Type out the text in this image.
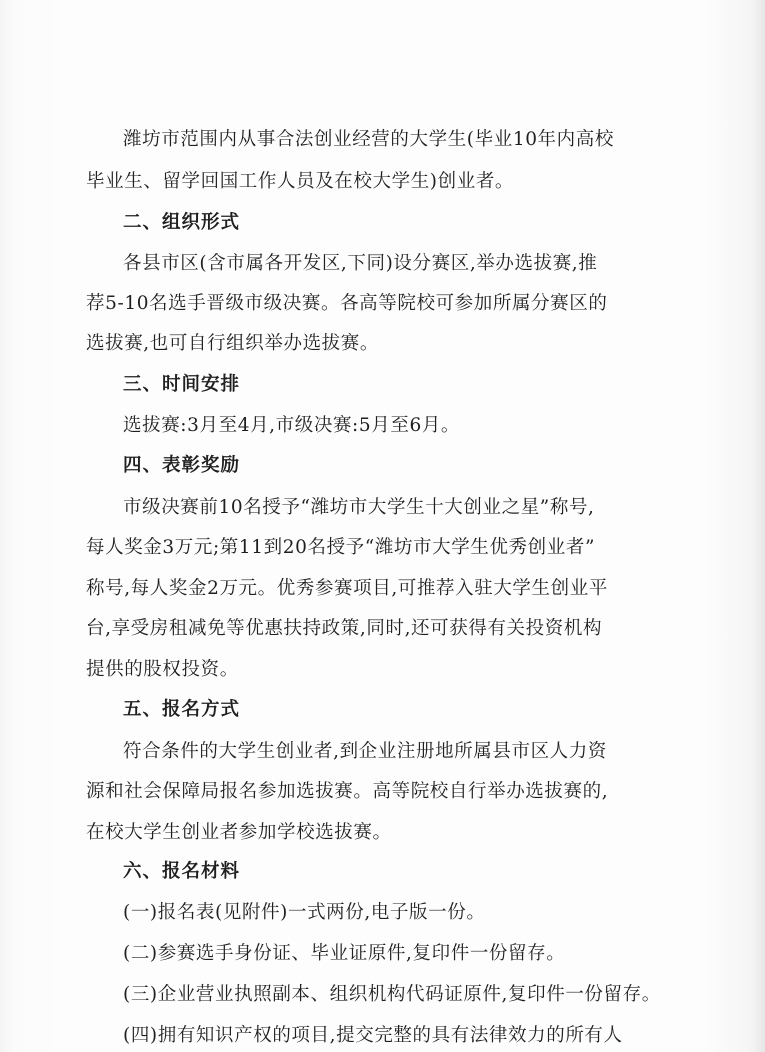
潍坊市范围内从事合法创业经营的大学生(毕业10年内高校
毕业生、留学回国工作人员及在校大学生)创业者。
二、组织形式
各县市区(含市属各开发区,下同)设分赛区,举办选拔赛,推
荐5-10名选手晋级市级决赛。各高等院校可参加所属分赛区的
选拔赛,也可自行组织举办选拔赛。
三、时间安排
选拔赛:3月至4月,市级决赛:5月至6月。
四、表彰奖励
市级决赛前10名授予“潍坊市大学生十大创业之星”称号,
每人奖金3万元;第11到20名授予“潍坊市大学生优秀创业者”
称号,每人奖金2万元。优秀参赛项目,可推荐入驻大学生创业平
台,享受房租减免等优惠扶持政策,同时,还可获得有关投资机构
提供的股权投资。
五、报名方式
符合条件的大学生创业者,到企业注册地所属县市区人力资
源和社会保障局报名参加选拔赛。高等院校自行举办选拔赛的,
在校大学生创业者参加学校选拔赛。
六、报名材料
(一)报名表(见附件)一式两份,电子版一份。
(二)参赛选手身份证、毕业证原件,复印件一份留存。
(三)企业营业执照副本、组织机构代码证原件,复印件一份留存。
(四)拥有知识产权的项目,提交完整的具有法律效力的所有人
